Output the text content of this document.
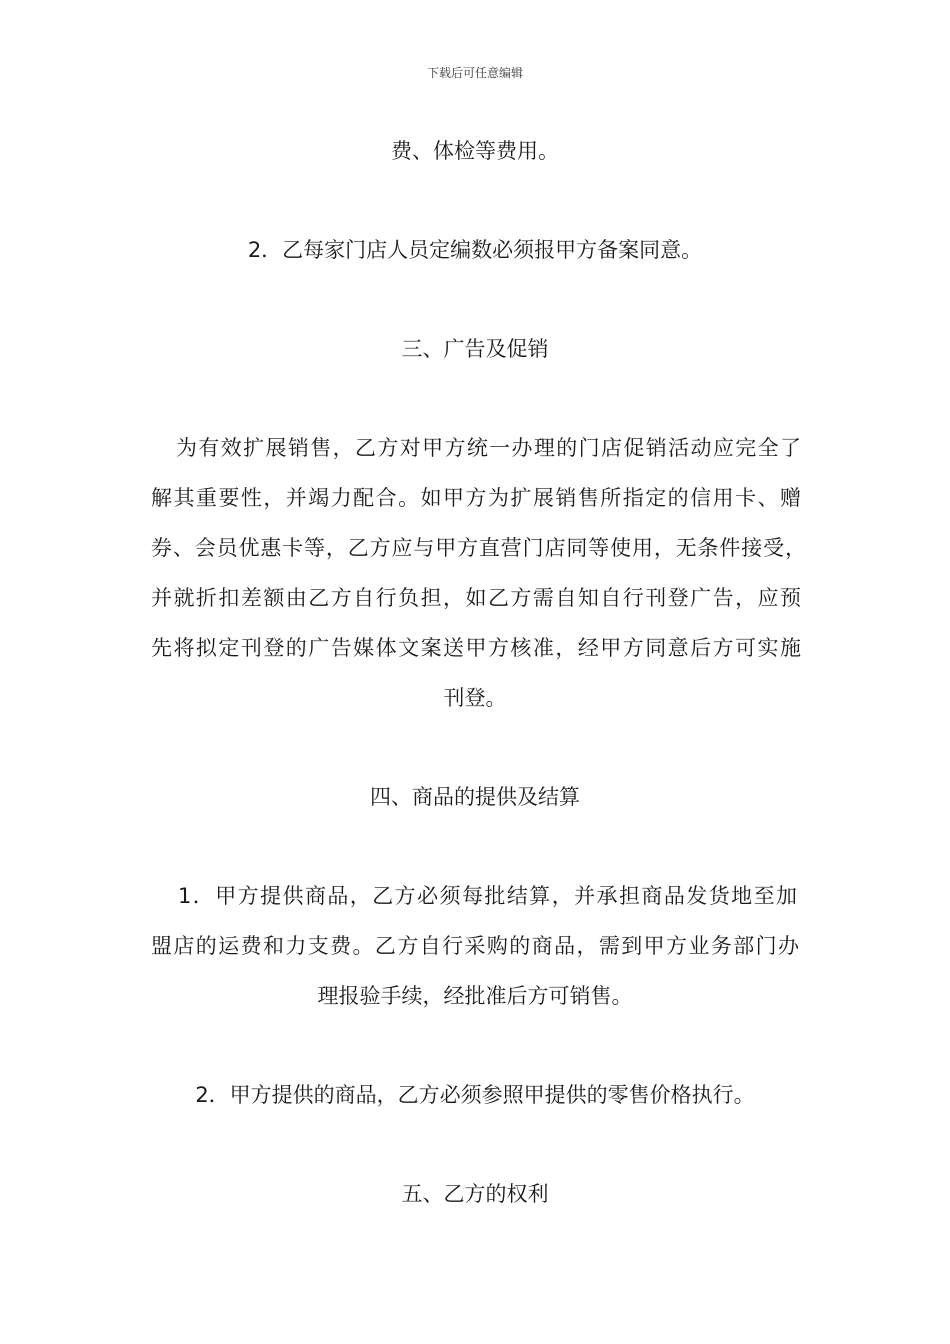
下载后可任意编辑
费、体检等费用。
2．乙每家门店人员定编数必须报甲方备案同意。
三、广告及促销
为有效扩展销售，乙方对甲方统一办理的门店促销活动应完全了
解其重要性，并竭力配合。如甲方为扩展销售所指定的信用卡、赠
券、会员优惠卡等，乙方应与甲方直营门店同等使用，无条件接受，
并就折扣差额由乙方自行负担，如乙方需自知自行刊登广告，应预
先将拟定刊登的广告媒体文案送甲方核准，经甲方同意后方可实施
刊登。
四、商品的提供及结算
1．甲方提供商品，乙方必须每批结算，并承担商品发货地至加
盟店的运费和力支费。乙方自行采购的商品，需到甲方业务部门办
理报验手续，经批准后方可销售。
2．甲方提供的商品，乙方必须参照甲提供的零售价格执行。
五、乙方的权利
